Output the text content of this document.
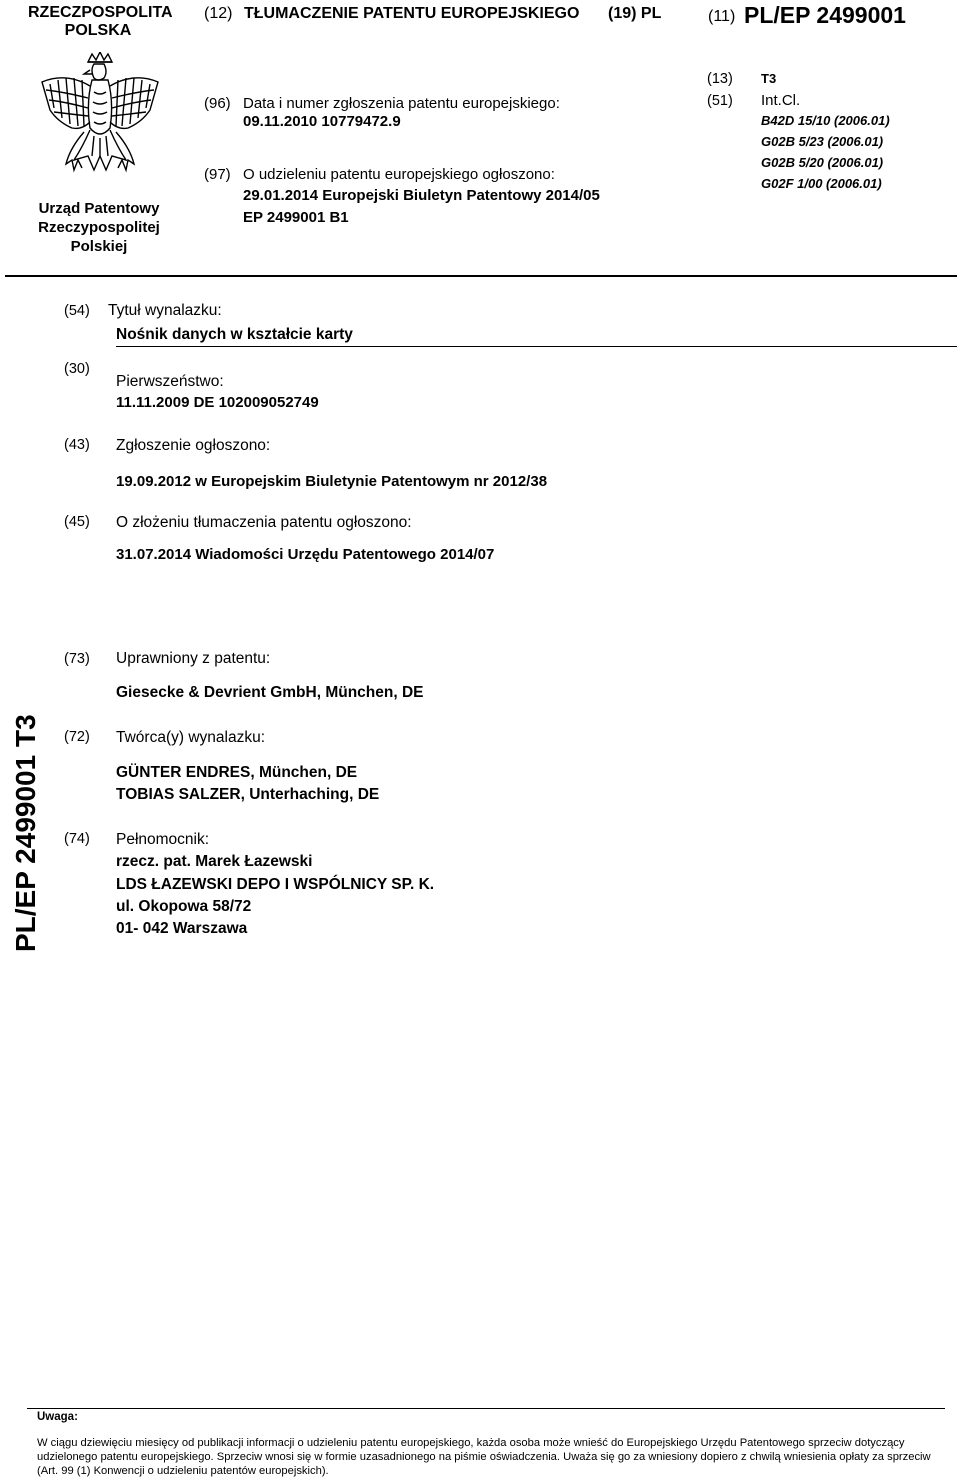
RZECZPOSPOLITA
POLSKA
(12) TŁUMACZENIE PATENTU EUROPEJSKIEGO (19) PL	(11) PL/EP 2499001
Urząd Patentowy
Rzeczypospolitej
Polskiej
(96) Data i numer zgłoszenia patentu europejskiego:
09.11.2010 10779472.9
(97) O udzieleniu patentu europejskiego ogłoszono:
29.01.2014 Europejski Biuletyn Patentowy 2014/05
EP 2499001 B1
(13) T3
(51) Int.Cl.
B42D 15/10 (2006.01)
G02B 5/23 (2006.01)
G02B 5/20 (2006.01)
G02F 1/00 (2006.01)
(54) Tytuł wynalazku:
Nośnik danych w kształcie karty
(30)
Pierwszeństwo:
11.11.2009 DE 102009052749
(43) Zgłoszenie ogłoszono:
19.09.2012 w Europejskim Biuletynie Patentowym nr 2012/38
(45) O złożeniu tłumaczenia patentu ogłoszono:
31.07.2014 Wiadomości Urzędu Patentowego 2014/07
(73) Uprawniony z patentu:
Giesecke & Devrient GmbH, München, DE
(72) Twórca(y) wynalazku:
GÜNTER ENDRES, München, DE
TOBIAS SALZER, Unterhaching, DE
(74) Pełnomocnik:
rzecz. pat. Marek Łazewski
LDS ŁAZEWSKI DEPO I WSPÓLNICY SP. K.
ul. Okopowa 58/72
01- 042 Warszawa
PL/EP 2499001 T3
Uwaga:
W ciągu dziewięciu miesięcy od publikacji informacji o udzieleniu patentu europejskiego, każda osoba może wnieść do Europejskiego Urzędu Patentowego sprzeciw dotyczący udzielonego patentu europejskiego. Sprzeciw wnosi się w formie uzasadnionego na piśmie oświadczenia. Uważa się go za wniesiony dopiero z chwilą wniesienia opłaty za sprzeciw (Art. 99 (1) Konwencji o udzieleniu patentów europejskich).
